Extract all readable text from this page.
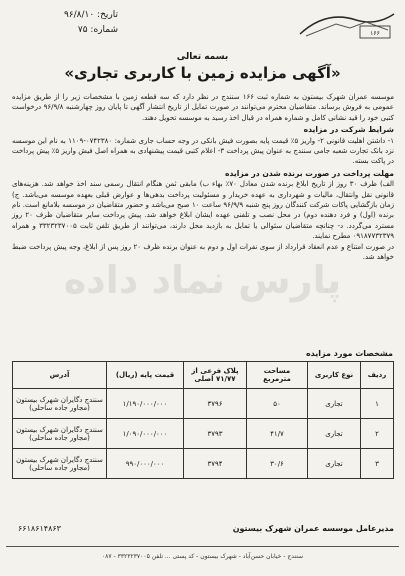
تاریخ: ۹۶/۸/۱۰
شماره: ۷۵	۱۶۶
بسمه تعالی
«آگهی مزایده زمین با کاربری تجاری»

موسسه عمران شهرک بیستون به شماره ثبت ۱۶۶ سنندج در نظر دارد که سه قطعه زمین با مشخصات زیر را از طریق مزایده عمومی به فروش برساند. متقاضیان محترم می‌توانند در صورت تمایل از تاریخ انتشار آگهی تا پایان روز چهارشنبه ۹۶/۹/۸ درخواست کتبی خود را قید نشانی کامل و شماره همراه در قبال اخذ رسید به موسسه تحویل دهند.

شرایط شرکت در مزایده

۱- داشتن اهلیت قانونی ۲- واریز ۵٪ قیمت پایه بصورت فیش بانکی در وجه حساب جاری شماره: ۰۷۴۲۳۸۰-۱۱۰۹ به نام این موسسه نزد بانک تجارت شعبه جامی سنندج به عنوان پیش پرداخت ۳- اعلام کتبی قیمت پیشنهادی به همراه اصل فیش واریز ۵٪ پیش پرداخت در پاکت بسته.

مهلت پرداخت در صورت برنده شدن در مزایده

الف) ظرف ۳۰ روز از تاریخ ابلاغ برنده شدن معادل ۷۰٪ بهاء ب) مابقی ثمن هنگام انتقال رسمی سند اخذ خواهد شد. هزینه‌های قانونی نقل وانتقال، مالیات و شهرداری به عهده خریدار و مسئولیت پرداخت بدهی‌ها و عوارض قبلی بعهده موسسه می‌باشد. ج) زمان بازگشایی پاکات شرکت کنندگان روز پنج شنبه ۹۶/۹/۹ ساعت ۱۰ صبح می‌باشد و حضور متقاضیان در موسسه بلامانع است. نام برنده (اول) و فرد دهنده دوم) در محل نصب و تلفنی عهده ایشان ابلاغ خواهد شد. پیش پرداخت سایر متقاضیان ظرف ۲۰ روز مسترد می‌گردد. د- چنانچه متقاضیان سئوالی یا تمایل به بازدید محل دارند، می‌توانند از طریق تلفن ثابت ۳۳۲۳۲۳۷۰۰۵ و همراه ۰۹۱۸۷۷۳۲۳۷۹ مطرح نمایند.

در صورت امتناع و عدم انعقاد قرارداد از سوی نفرات اول و دوم به عنوان برنده ظرف ۲۰ روز پس از ابلاغ، وجه پیش پرداخت ضبط خواهد شد.

پارس نماد داده
مشخصات مورد مزایده
ردیف	نوع کاربری	مساحت مترمربع	پلاک فرعی از ۷۱/۷۷ اصلی	قیمت پایه (ریال)	آدرس
۱	تجاری	۵۰	۳۷۹۶	۱/۱۹۰/۰۰۰/۰۰۰	سنندج دگایران شهرک بیستون (مجاور جاده ساحلی)
۲	تجاری	۴۱/۷	۳۷۹۳	۱/۰۹۰/۰۰۰/۰۰۰	سنندج دگایران شهرک بیستون (مجاور جاده ساحلی)
۳	تجاری	۳۰/۶	۳۷۹۴	۹۹۰/۰۰۰/۰۰۰	سنندج دگایران شهرک بیستون (مجاور جاده ساحلی)
مدیرعامل موسسه عمران شهرک بیستون
۶۶۱۸۶۱۴۸۶۳
سنندج - خیابان حسن‌آباد - شهرک بیستون - کد پستی ... تلفن ۳۳۲۳۲۳۷۰۰۵ - ۰۸۷
